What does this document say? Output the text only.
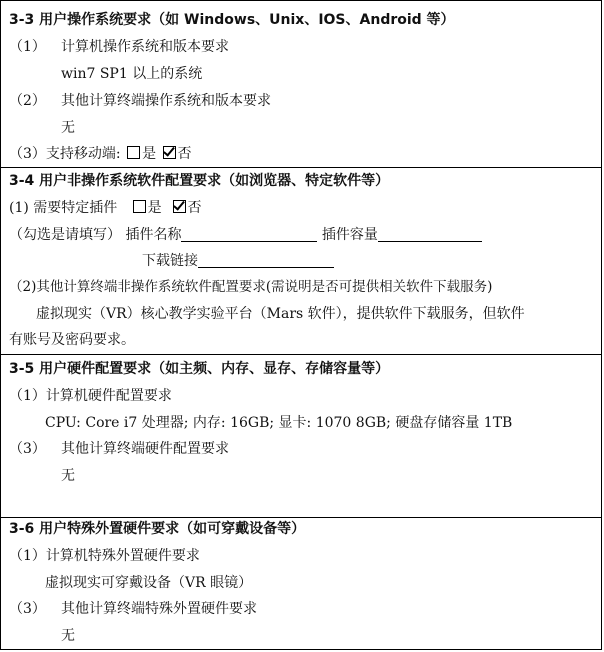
3-3 用户操作系统要求（如 Windows、Unix、IOS、Android 等）
（1） 计算机操作系统和版本要求
win7 SP1 以上的系统
（2） 其他计算终端操作系统和版本要求
无
（3）支持移动端: 是 否
3-4 用户非操作系统软件配置要求（如浏览器、特定软件等）
(1) 需要特定插件 是 否
（勾选是请填写） 插件名称	插件容量
下载链接
（2)其他计算终端非操作系统软件配置要求(需说明是否可提供相关软件下载服务)
虚拟现实（VR）核心教学实验平台（Mars 软件），提供软件下载服务，但软件
有账号及密码要求。
3-5 用户硬件配置要求（如主频、内存、显存、存储容量等）
（1）计算机硬件配置要求
CPU: Core i7 处理器; 内存: 16GB; 显卡: 1070 8GB; 硬盘存储容量 1TB
（3） 其他计算终端硬件配置要求
无
3-6 用户特殊外置硬件要求（如可穿戴设备等）
（1）计算机特殊外置硬件要求
虚拟现实可穿戴设备（VR 眼镜）
（3） 其他计算终端特殊外置硬件要求
无
